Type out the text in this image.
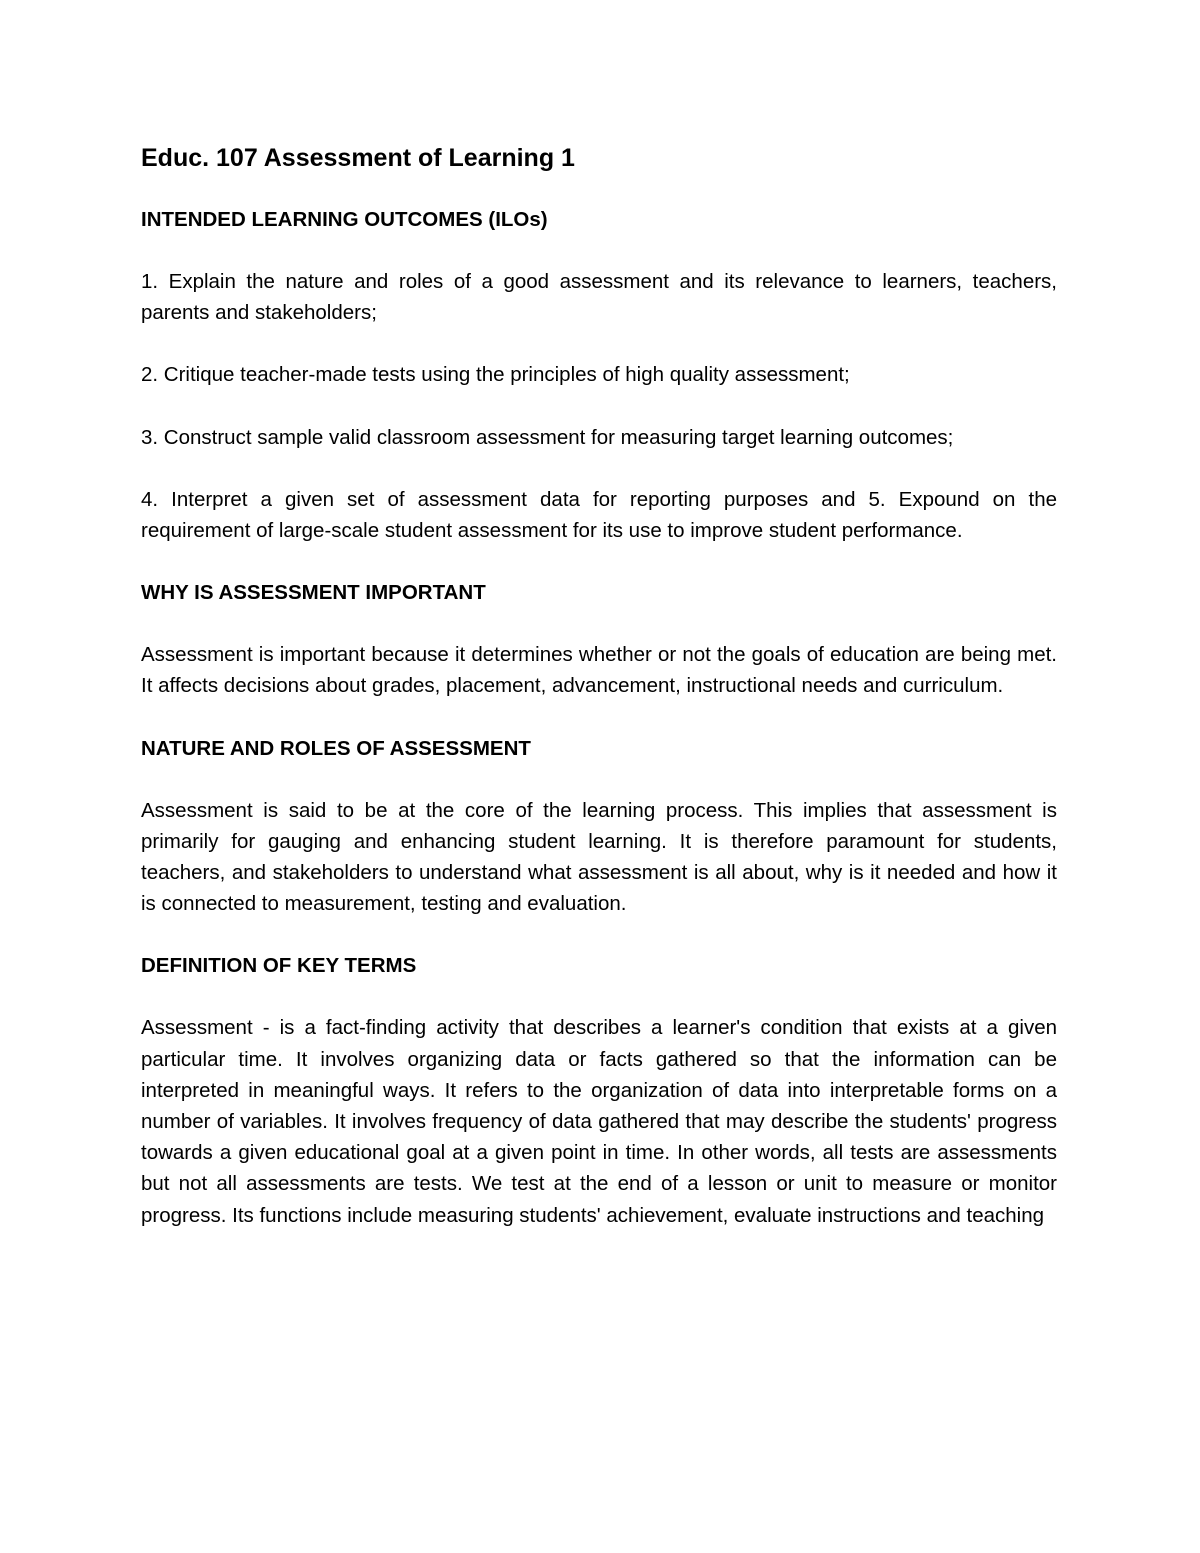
Educ. 107 Assessment of Learning 1
INTENDED LEARNING OUTCOMES (ILOs)

1. Explain the nature and roles of a good assessment and its relevance to learners, teachers, parents and stakeholders;

2. Critique teacher-made tests using the principles of high quality assessment;

3. Construct sample valid classroom assessment for measuring target learning outcomes;

4. Interpret a given set of assessment data for reporting purposes and 5. Expound on the requirement of large-scale student assessment for its use to improve student performance.

WHY IS ASSESSMENT IMPORTANT

Assessment is important because it determines whether or not the goals of education are being met. It affects decisions about grades, placement, advancement, instructional needs and curriculum.

NATURE AND ROLES OF ASSESSMENT

Assessment is said to be at the core of the learning process. This implies that assessment is primarily for gauging and enhancing student learning. It is therefore paramount for students, teachers, and stakeholders to understand what assessment is all about, why is it needed and how it is connected to measurement, testing and evaluation.

DEFINITION OF KEY TERMS

Assessment - is a fact-finding activity that describes a learner's condition that exists at a given particular time. It involves organizing data or facts gathered so that the information can be interpreted in meaningful ways. It refers to the organization of data into interpretable forms on a number of variables. It involves frequency of data gathered that may describe the students' progress towards a given educational goal at a given point in time. In other words, all tests are assessments but not all assessments are tests. We test at the end of a lesson or unit to measure or monitor progress. Its functions include measuring students' achievement, evaluate instructions and teaching
